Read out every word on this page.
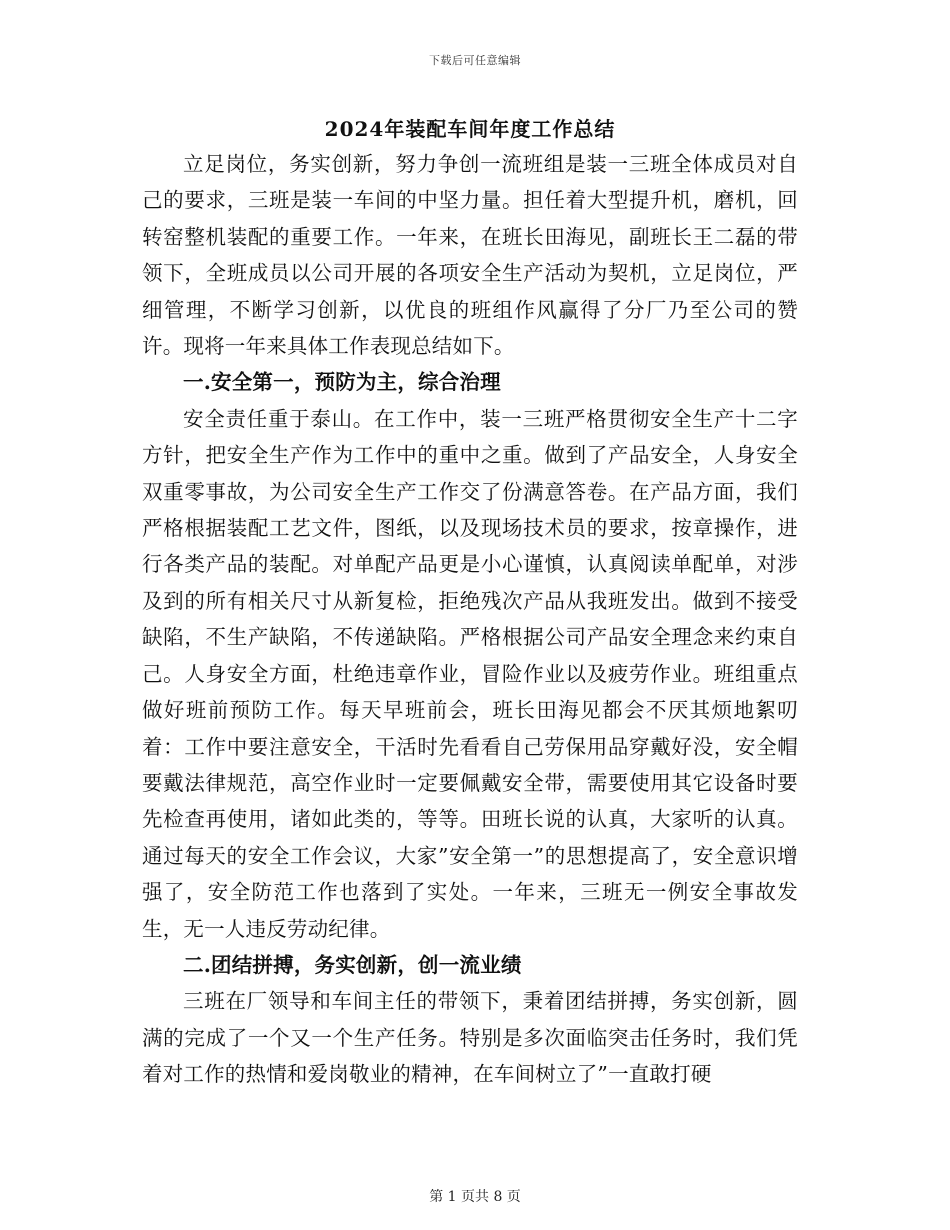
下载后可任意编辑
2024年装配车间年度工作总结

立足岗位，务实创新，努力争创一流班组是装一三班全体成员对自己的要求，三班是装一车间的中坚力量。担任着大型提升机，磨机，回转窑整机装配的重要工作。一年来，在班长田海见，副班长王二磊的带领下，全班成员以公司开展的各项安全生产活动为契机，立足岗位，严细管理，不断学习创新，以优良的班组作风赢得了分厂乃至公司的赞许。现将一年来具体工作表现总结如下。

一.安全第一，预防为主，综合治理

安全责任重于泰山。在工作中，装一三班严格贯彻安全生产十二字方针，把安全生产作为工作中的重中之重。做到了产品安全，人身安全双重零事故，为公司安全生产工作交了份满意答卷。在产品方面，我们严格根据装配工艺文件，图纸，以及现场技术员的要求，按章操作，进行各类产品的装配。对单配产品更是小心谨慎，认真阅读单配单，对涉及到的所有相关尺寸从新复检，拒绝残次产品从我班发出。做到不接受缺陷，不生产缺陷，不传递缺陷。严格根据公司产品安全理念来约束自己。人身安全方面，杜绝违章作业，冒险作业以及疲劳作业。班组重点做好班前预防工作。每天早班前会，班长田海见都会不厌其烦地絮叨着：工作中要注意安全，干活时先看看自己劳保用品穿戴好没，安全帽要戴法律规范，高空作业时一定要佩戴安全带，需要使用其它设备时要先检查再使用，诸如此类的，等等。田班长说的认真，大家听的认真。通过每天的安全工作会议，大家”安全第一”的思想提高了，安全意识增强了，安全防范工作也落到了实处。一年来，三班无一例安全事故发生，无一人违反劳动纪律。

二.团结拼搏，务实创新，创一流业绩

三班在厂领导和车间主任的带领下，秉着团结拼搏，务实创新，圆满的完成了一个又一个生产任务。特别是多次面临突击任务时，我们凭着对工作的热情和爱岗敬业的精神，在车间树立了”一直敢打硬

第 1 页共 8 页
